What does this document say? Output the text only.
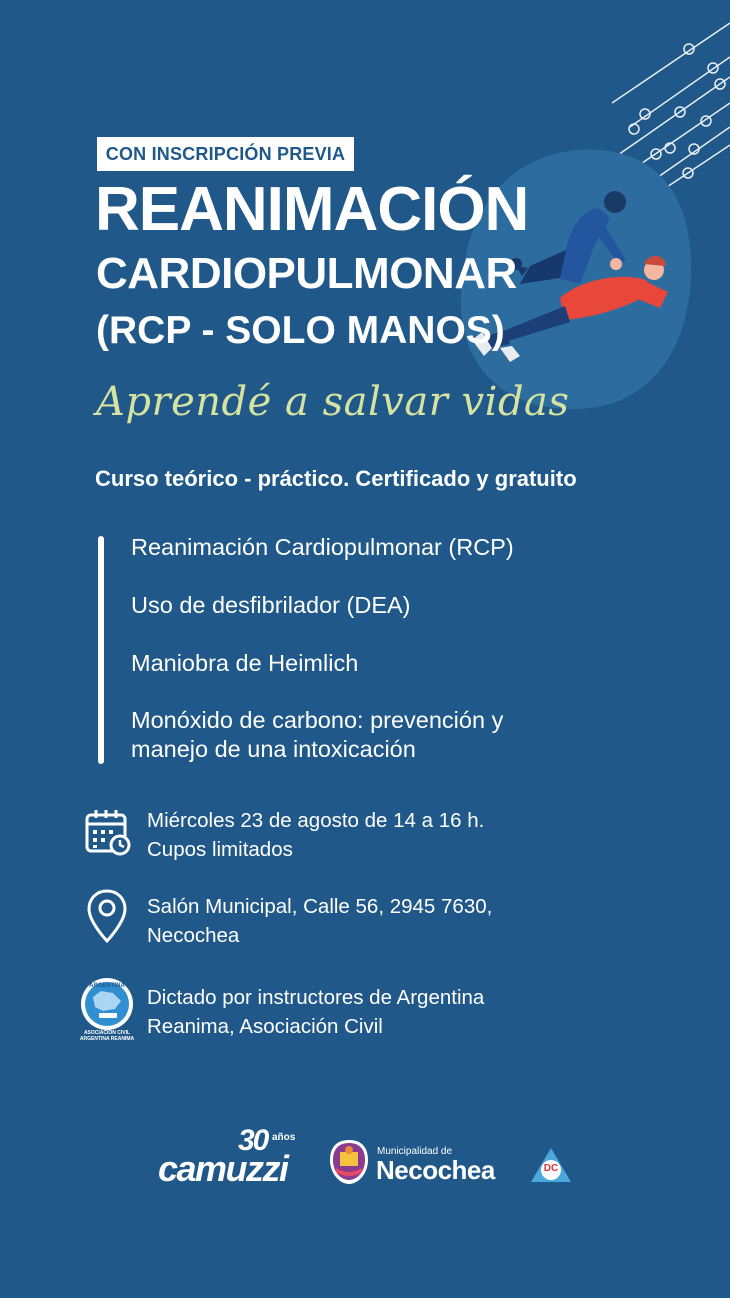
CON INSCRIPCIÓN PREVIA
REANIMACIÓN
CARDIOPULMONAR
(RCP - SOLO MANOS)
Aprendé a salvar vidas
Curso teórico - práctico. Certificado y gratuito
Reanimación Cardiopulmonar (RCP)
Uso de desfibrilador (DEA)
Maniobra de Heimlich
Monóxido de carbono: prevención y
manejo de una intoxicación
Miércoles 23 de agosto de 14 a 16 h.
Cupos limitados
Salón Municipal, Calle 56, 2945 7630,
Necochea
ARGENTINA
ASOCIACIÓN CIVIL
ARGENTINA REANIMA
Dictado por instructores de Argentina
Reanima, Asociación Civil
30 años
camuzzi	Municipalidad de
Necochea	DC
